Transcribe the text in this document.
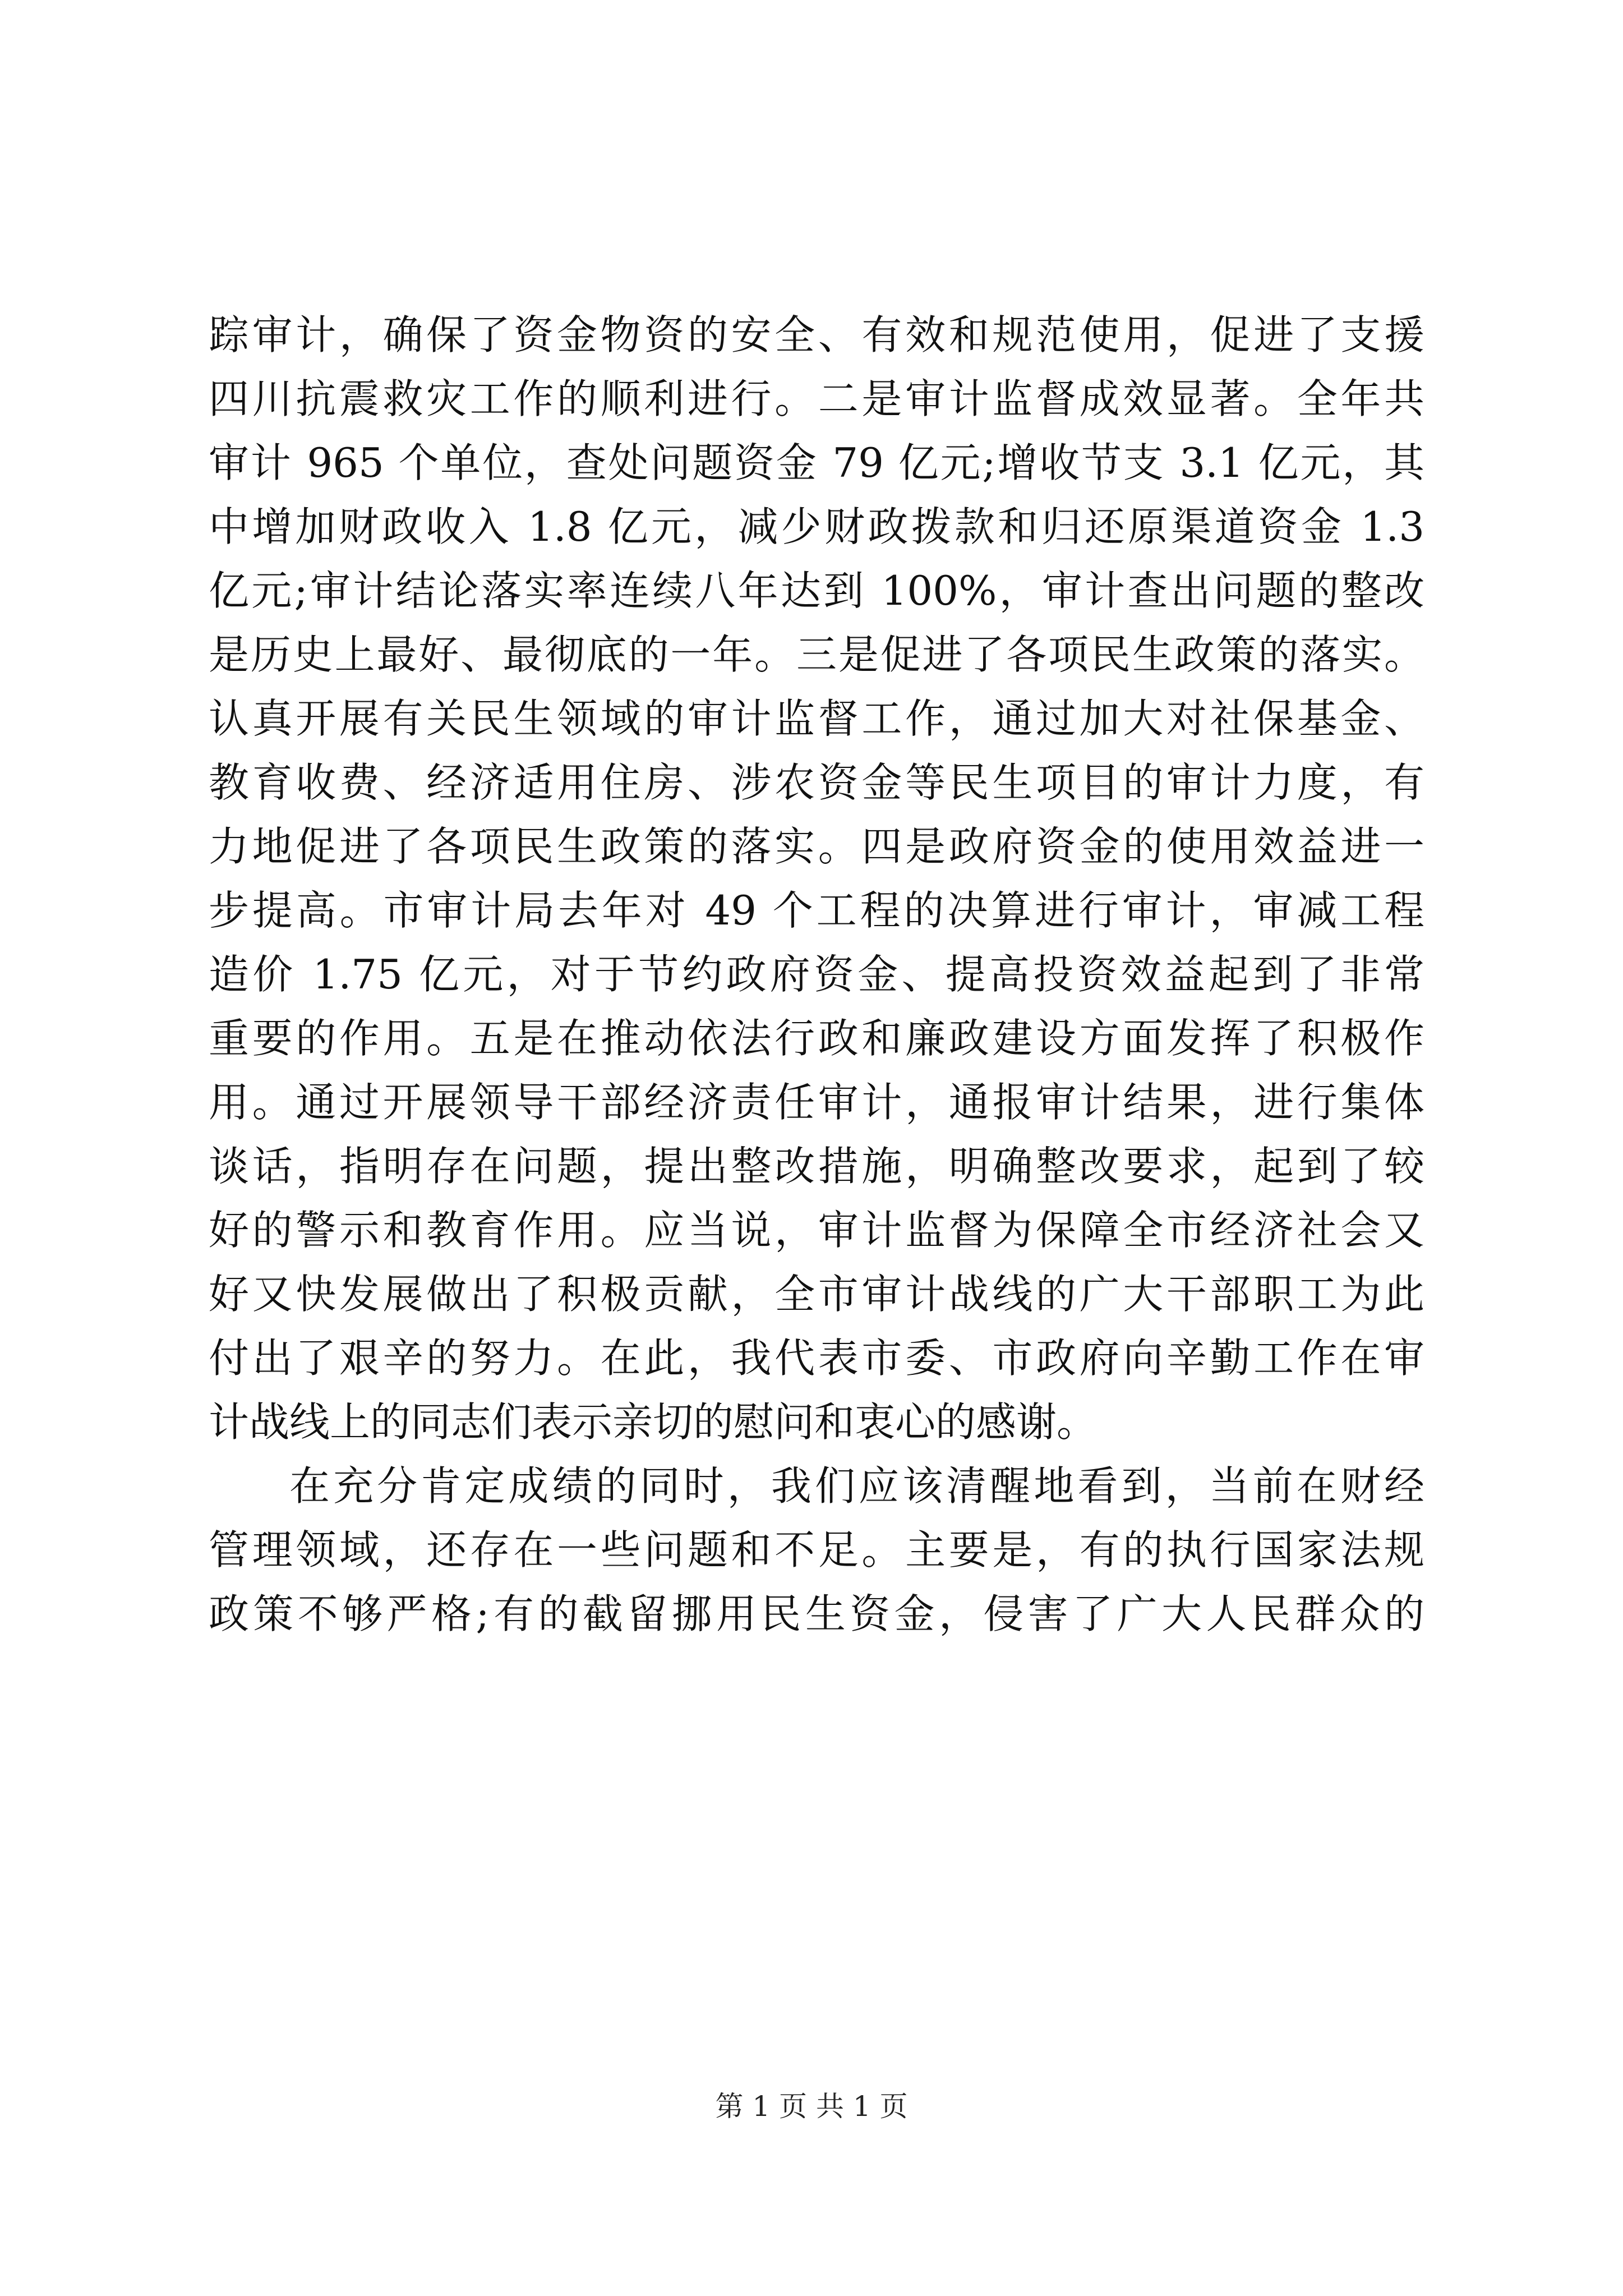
踪审计，确保了资金物资的安全、有效和规范使用，促进了支援
四川抗震救灾工作的顺利进行。二是审计监督成效显著。全年共
审计 965 个单位，查处问题资金 79 亿元;增收节支 3.1 亿元，其
中增加财政收入 1.8 亿元，减少财政拨款和归还原渠道资金 1.3
亿元;审计结论落实率连续八年达到 100%，审计查出问题的整改
是历史上最好、最彻底的一年。三是促进了各项民生政策的落实。
认真开展有关民生领域的审计监督工作，通过加大对社保基金、
教育收费、经济适用住房、涉农资金等民生项目的审计力度，有
力地促进了各项民生政策的落实。四是政府资金的使用效益进一
步提高。市审计局去年对 49 个工程的决算进行审计，审减工程
造价 1.75 亿元，对于节约政府资金、提高投资效益起到了非常
重要的作用。五是在推动依法行政和廉政建设方面发挥了积极作
用。通过开展领导干部经济责任审计，通报审计结果，进行集体
谈话，指明存在问题，提出整改措施，明确整改要求，起到了较
好的警示和教育作用。应当说，审计监督为保障全市经济社会又
好又快发展做出了积极贡献，全市审计战线的广大干部职工为此
付出了艰辛的努力。在此，我代表市委、市政府向辛勤工作在审
计战线上的同志们表示亲切的慰问和衷心的感谢。
在充分肯定成绩的同时，我们应该清醒地看到，当前在财经
管理领域，还存在一些问题和不足。主要是，有的执行国家法规
政策不够严格;有的截留挪用民生资金，侵害了广大人民群众的
第 1 页 共 1 页
